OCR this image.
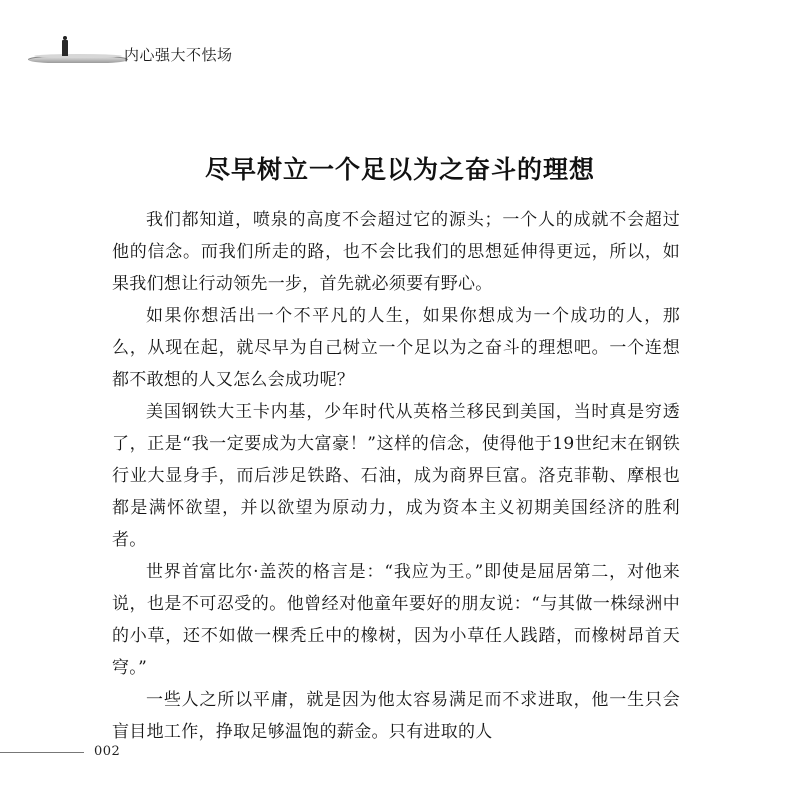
内心强大不怯场
尽早树立一个足以为之奋斗的理想

我们都知道，喷泉的高度不会超过它的源头；一个人的成就不会超过他的信念。而我们所走的路，也不会比我们的思想延伸得更远，所以，如果我们想让行动领先一步，首先就必须要有野心。

如果你想活出一个不平凡的人生，如果你想成为一个成功的人，那么，从现在起，就尽早为自己树立一个足以为之奋斗的理想吧。一个连想都不敢想的人又怎么会成功呢？

美国钢铁大王卡内基，少年时代从英格兰移民到美国，当时真是穷透了，正是“我一定要成为大富豪！”这样的信念，使得他于19世纪末在钢铁行业大显身手，而后涉足铁路、石油，成为商界巨富。洛克菲勒、摩根也都是满怀欲望，并以欲望为原动力，成为资本主义初期美国经济的胜利者。

世界首富比尔·盖茨的格言是：“我应为王。”即使是屈居第二，对他来说，也是不可忍受的。他曾经对他童年要好的朋友说：“与其做一株绿洲中的小草，还不如做一棵秃丘中的橡树，因为小草任人践踏，而橡树昂首天穹。”

一些人之所以平庸，就是因为他太容易满足而不求进取，他一生只会盲目地工作，挣取足够温饱的薪金。只有进取的人

002
